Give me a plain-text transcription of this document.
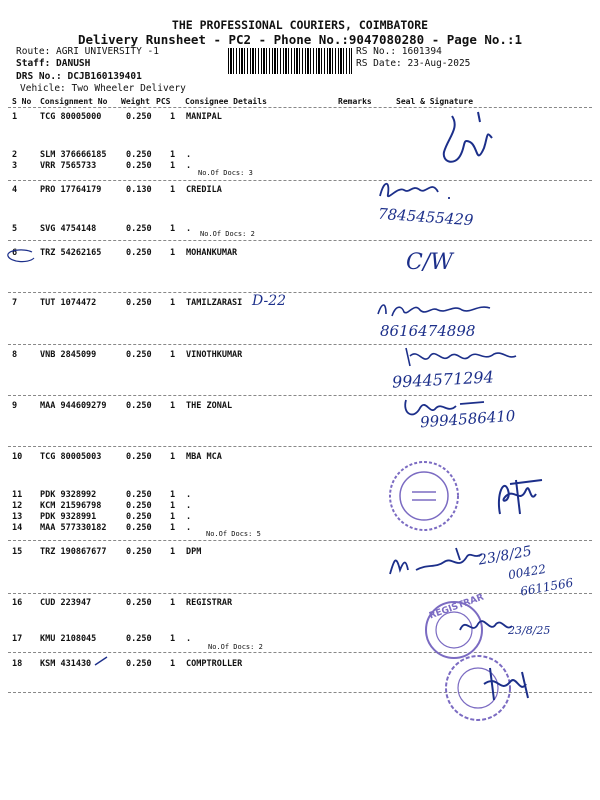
THE PROFESSIONAL COURIERS, COIMBATORE
Delivery Runsheet - PC2 - Phone No.:9047080280 - Page No.:1
Route: AGRI UNIVERSITY -1
Staff: DANUSH
DRS No.: DCJB160139401
Vehicle: Two Wheeler Delivery
RS No.: 1601394
RS Date: 23-Aug-2025
S No Consignment No Weight PCS Consignee Details	Remarks	Seal & Signature
1	TCG 80005000	0.250 1 MANIPAL
2	SLM 376666185 0.250 1 .
3	VRR 7565733	0.250 1 .
4	PRO 17764179	0.130 1 CREDILA
5	SVG 4754148	0.250 1 .
6	TRZ 54262165	0.250 1 MOHANKUMAR
7	TUT 1074472	0.250 1 TAMILZARASI
8	VNB 2845099	0.250 1 VINOTHKUMAR
9	MAA 944609279 0.250 1 THE ZONAL
10 TCG 80005003	0.250 1 MBA MCA
11 PDK 9328992	0.250 1 .
12 KCM 21596798	0.250 1 .
13 PDK 9328991	0.250 1 .
14 MAA 577330182 0.250 1 .
15 TRZ 190867677 0.250 1 DPM
16 CUD 223947	0.250 1 REGISTRAR
17 KMU 2108045	0.250 1 .
18 KSM 431430	0.250 1 COMPTROLLER
No.Of Docs: 3
No.Of Docs: 2
No.Of Docs: 5
No.Of Docs: 2
7845455429
C/W
D-22
8616474898
9944571294
9994586410
23/8/25
00422
6611566
23/8/25
REGISTRAR
